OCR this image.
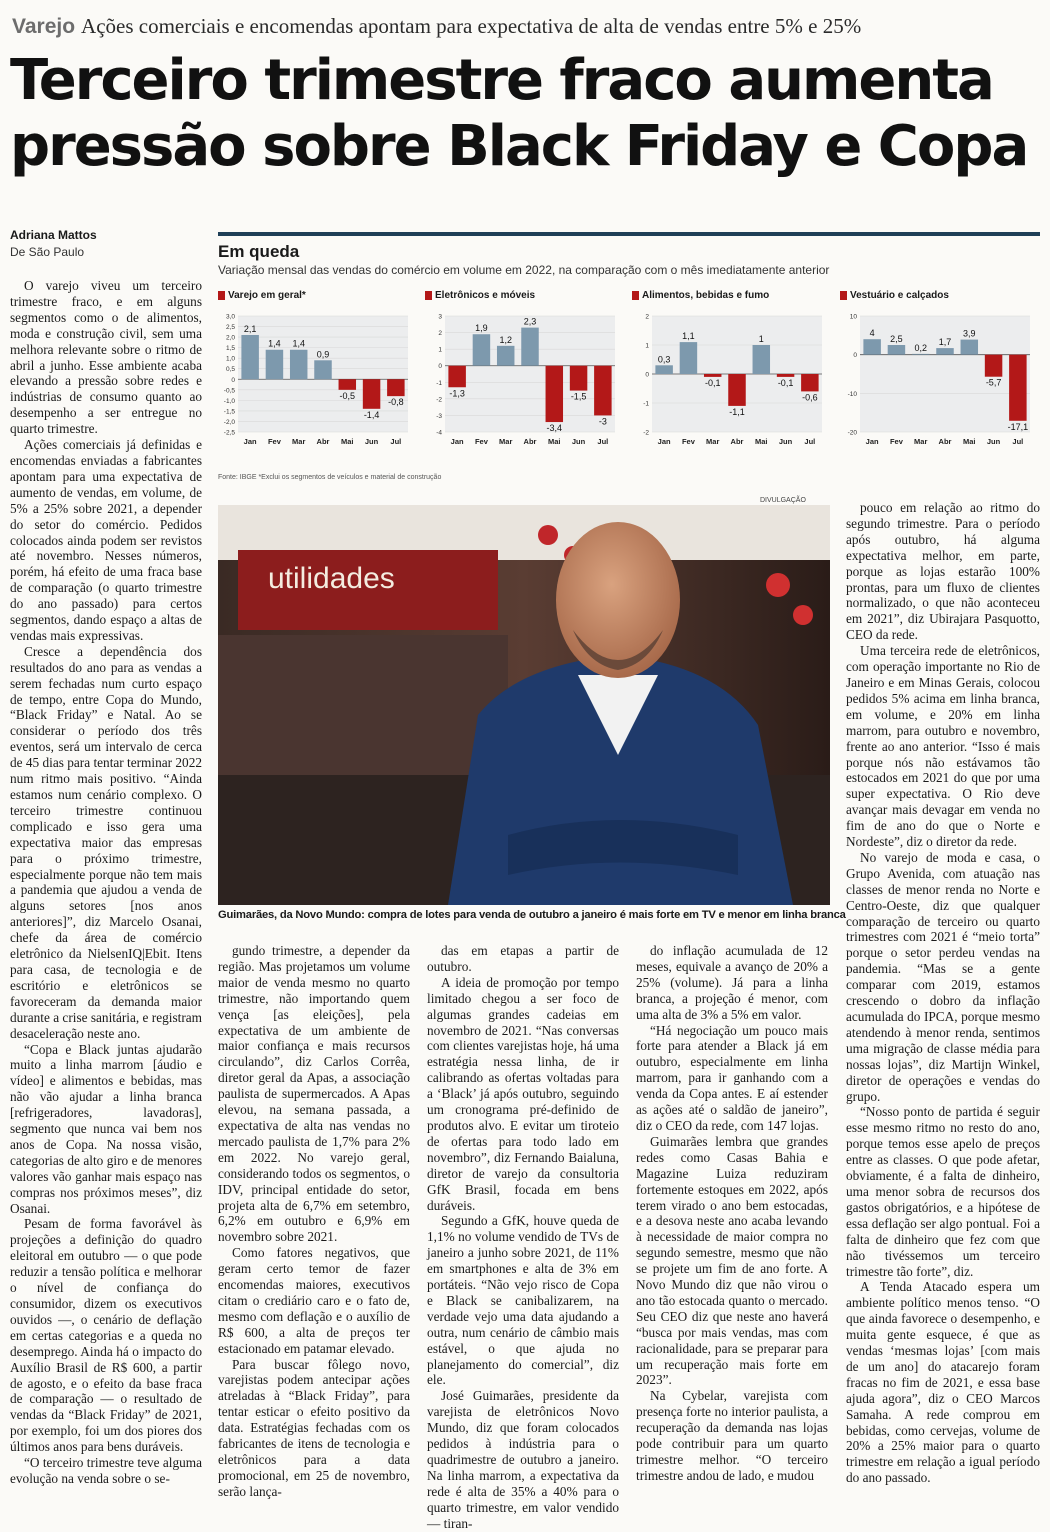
Varejo Ações comerciais e encomendas apontam para expectativa de alta de vendas entre 5% e 25%
Terceiro trimestre fraco aumenta
pressão sobre Black Friday e Copa
Adriana Mattos
De São Paulo

O varejo viveu um terceiro trimestre fraco, e em alguns segmentos como o de alimentos, moda e construção civil, sem uma melhora relevante sobre o ritmo de abril a junho. Esse ambiente acaba elevando a pressão sobre redes e indústrias de consumo quanto ao desempenho a ser entregue no quarto trimestre.

Ações comerciais já definidas e encomendas enviadas a fabricantes apontam para uma expectativa de aumento de vendas, em volume, de 5% a 25% sobre 2021, a depender do setor do comércio. Pedidos colocados ainda podem ser revistos até novembro. Nesses números, porém, há efeito de uma fraca base de comparação (o quarto trimestre do ano passado) para certos segmentos, dando espaço a altas de vendas mais expressivas.

Cresce a dependência dos resultados do ano para as vendas a serem fechadas num curto espaço de tempo, entre Copa do Mundo, “Black Friday” e Natal. Ao se considerar o período dos três eventos, será um intervalo de cerca de 45 dias para tentar terminar 2022 num ritmo mais positivo. “Ainda estamos num cenário complexo. O terceiro trimestre continuou complicado e isso gera uma expectativa maior das empresas para o próximo trimestre, especialmente porque não tem mais a pandemia que ajudou a venda de alguns setores [nos anos anteriores]”, diz Marcelo Osanai, chefe da área de comércio eletrônico da NielsenIQ|Ebit. Itens para casa, de tecnologia e de escritório e eletrônicos se favoreceram da demanda maior durante a crise sanitária, e registram desaceleração neste ano.

“Copa e Black juntas ajudarão muito a linha marrom [áudio e vídeo] e alimentos e bebidas, mas não vão ajudar a linha branca [refrigeradores, lavadoras], segmento que nunca vai bem nos anos de Copa. Na nossa visão, categorias de alto giro e de menores valores vão ganhar mais espaço nas compras nos próximos meses”, diz Osanai.

Pesam de forma favorável às projeções a definição do quadro eleitoral em outubro — o que pode reduzir a tensão política e melhorar o nível de confiança do consumidor, dizem os executivos ouvidos —, o cenário de deflação em certas categorias e a queda no desemprego. Ainda há o impacto do Auxílio Brasil de R$ 600, a partir de agosto, e o efeito da base fraca de comparação — o resultado de vendas da “Black Friday” de 2021, por exemplo, foi um dos piores dos últimos anos para bens duráveis.

“O terceiro trimestre teve alguma evolução na venda sobre o se-

gundo trimestre, a depender da região. Mas projetamos um volume maior de venda mesmo no quarto trimestre, não importando quem vença [as eleições], pela expectativa de um ambiente de maior confiança e mais recursos circulando”, diz Carlos Corrêa, diretor geral da Apas, a associação paulista de supermercados. A Apas elevou, na semana passada, a expectativa de alta nas vendas no mercado paulista de 1,7% para 2% em 2022. No varejo geral, considerando todos os segmentos, o IDV, principal entidade do setor, projeta alta de 6,7% em setembro, 6,2% em outubro e 6,9% em novembro sobre 2021.

Como fatores negativos, que geram certo temor de fazer encomendas maiores, executivos citam o crediário caro e o fato de, mesmo com deflação e o auxílio de R$ 600, a alta de preços ter estacionado em patamar elevado.

Para buscar fôlego novo, varejistas podem antecipar ações atreladas à “Black Friday”, para tentar esticar o efeito positivo da data. Estratégias fechadas com os fabricantes de itens de tecnologia e eletrônicos para a data promocional, em 25 de novembro, serão lança-

das em etapas a partir de outubro.

A ideia de promoção por tempo limitado chegou a ser foco de algumas grandes cadeias em novembro de 2021. “Nas conversas com clientes varejistas hoje, há uma estratégia nessa linha, de ir calibrando as ofertas voltadas para a ‘Black’ já após outubro, seguindo um cronograma pré-definido de produtos alvo. E evitar um tiroteio de ofertas para todo lado em novembro”, diz Fernando Baialuna, diretor de varejo da consultoria GfK Brasil, focada em bens duráveis.

Segundo a GfK, houve queda de 1,1% no volume vendido de TVs de janeiro a junho sobre 2021, de 11% em smartphones e alta de 3% em portáteis. “Não vejo risco de Copa e Black se canibalizarem, na verdade vejo uma data ajudando a outra, num cenário de câmbio mais estável, o que ajuda no planejamento do comercial”, diz ele.

José Guimarães, presidente da varejista de eletrônicos Novo Mundo, diz que foram colocados pedidos à indústria para o quadrimestre de outubro a janeiro. Na linha marrom, a expectativa da rede é alta de 35% a 40% para o quarto trimestre, em valor vendido — tiran-

do inflação acumulada de 12 meses, equivale a avanço de 20% a 25% (volume). Já para a linha branca, a projeção é menor, com uma alta de 3% a 5% em valor.

“Há negociação um pouco mais forte para atender a Black já em outubro, especialmente em linha marrom, para ir ganhando com a venda da Copa antes. E aí estender as ações até o saldão de janeiro”, diz o CEO da rede, com 147 lojas.

Guimarães lembra que grandes redes como Casas Bahia e Magazine Luiza reduziram fortemente estoques em 2022, após terem virado o ano bem estocadas, e a desova neste ano acaba levando à necessidade de maior compra no segundo semestre, mesmo que não se projete um fim de ano forte. A Novo Mundo diz que não virou o ano tão estocada quanto o mercado. Seu CEO diz que neste ano haverá “busca por mais vendas, mas com racionalidade, para se preparar para um recuperação mais forte em 2023”.

Na Cybelar, varejista com presença forte no interior paulista, a recuperação da demanda nas lojas pode contribuir para um quarto trimestre melhor. “O terceiro trimestre andou de lado, e mudou

pouco em relação ao ritmo do segundo trimestre. Para o período após outubro, há alguma expectativa melhor, em parte, porque as lojas estarão 100% prontas, para um fluxo de clientes normalizado, o que não aconteceu em 2021”, diz Ubirajara Pasquotto, CEO da rede.

Uma terceira rede de eletrônicos, com operação importante no Rio de Janeiro e em Minas Gerais, colocou pedidos 5% acima em linha branca, em volume, e 20% em linha marrom, para outubro e novembro, frente ao ano anterior. “Isso é mais porque nós não estávamos tão estocados em 2021 do que por uma super expectativa. O Rio deve avançar mais devagar em venda no fim de ano do que o Norte e Nordeste”, diz o diretor da rede.

No varejo de moda e casa, o Grupo Avenida, com atuação nas classes de menor renda no Norte e Centro-Oeste, diz que qualquer comparação de terceiro ou quarto trimestres com 2021 é “meio torta” porque o setor perdeu vendas na pandemia. “Mas se a gente comparar com 2019, estamos crescendo o dobro da inflação acumulada do IPCA, porque mesmo atendendo à menor renda, sentimos uma migração de classe média para nossas lojas”, diz Martijn Winkel, diretor de operações e vendas do grupo.

“Nosso ponto de partida é seguir esse mesmo ritmo no resto do ano, porque temos esse apelo de preços entre as classes. O que pode afetar, obviamente, é a falta de dinheiro, uma menor sobra de recursos dos gastos obrigatórios, e a hipótese de essa deflação ser algo pontual. Foi a falta de dinheiro que fez com que não tivéssemos um terceiro trimestre tão forte”, diz.

A Tenda Atacado espera um ambiente político menos tenso. “O que ainda favorece o desempenho, e muita gente esquece, é que as vendas ‘mesmas lojas’ [com mais de um ano] do atacarejo foram fracas no fim de 2021, e essa base ajuda agora”, diz o CEO Marcos Samaha. A rede comprou em bebidas, como cervejas, volume de 20% a 25% maior para o quarto trimestre em relação a igual período do ano passado.

Em queda
Variação mensal das vendas do comércio em volume em 2022, na comparação com o mês imediatamente anterior
Varejo em geral*
3,0
2,5
2,0
1,5
1,0
0,5
0
-0,5
-1,0
-1,5
-2,0
-2,5
2,1
Jan
1,4
Fev
1,4
Mar
0,9
Abr
-0,5
Mai
-1,4
Jun
-0,8
Jul
Eletrônicos e móveis
3
2
1
0
-1
-2
-3
-4
-1,3
Jan
1,9
Fev
1,2
Mar
2,3
Abr
-3,4
Mai
-1,5
Jun
-3
Jul
Alimentos, bebidas e fumo
2
1
0
-1
-2
0,3
Jan
1,1
Fev
-0,1
Mar
-1,1
Abr
1
Mai
-0,1
Jun
-0,6
Jul
Vestuário e calçados
10
0
-10
-20
4
Jan
2,5
Fev
0,2
Mar
1,7
Abr
3,9
Mai
-5,7
Jun
-17,1
Jul
Fonte: IBGE *Exclui os segmentos de veículos e material de construção
DIVULGAÇÃO
utilidades
Guimarães, da Novo Mundo: compra de lotes para venda de outubro a janeiro é mais forte em TV e menor em linha branca
